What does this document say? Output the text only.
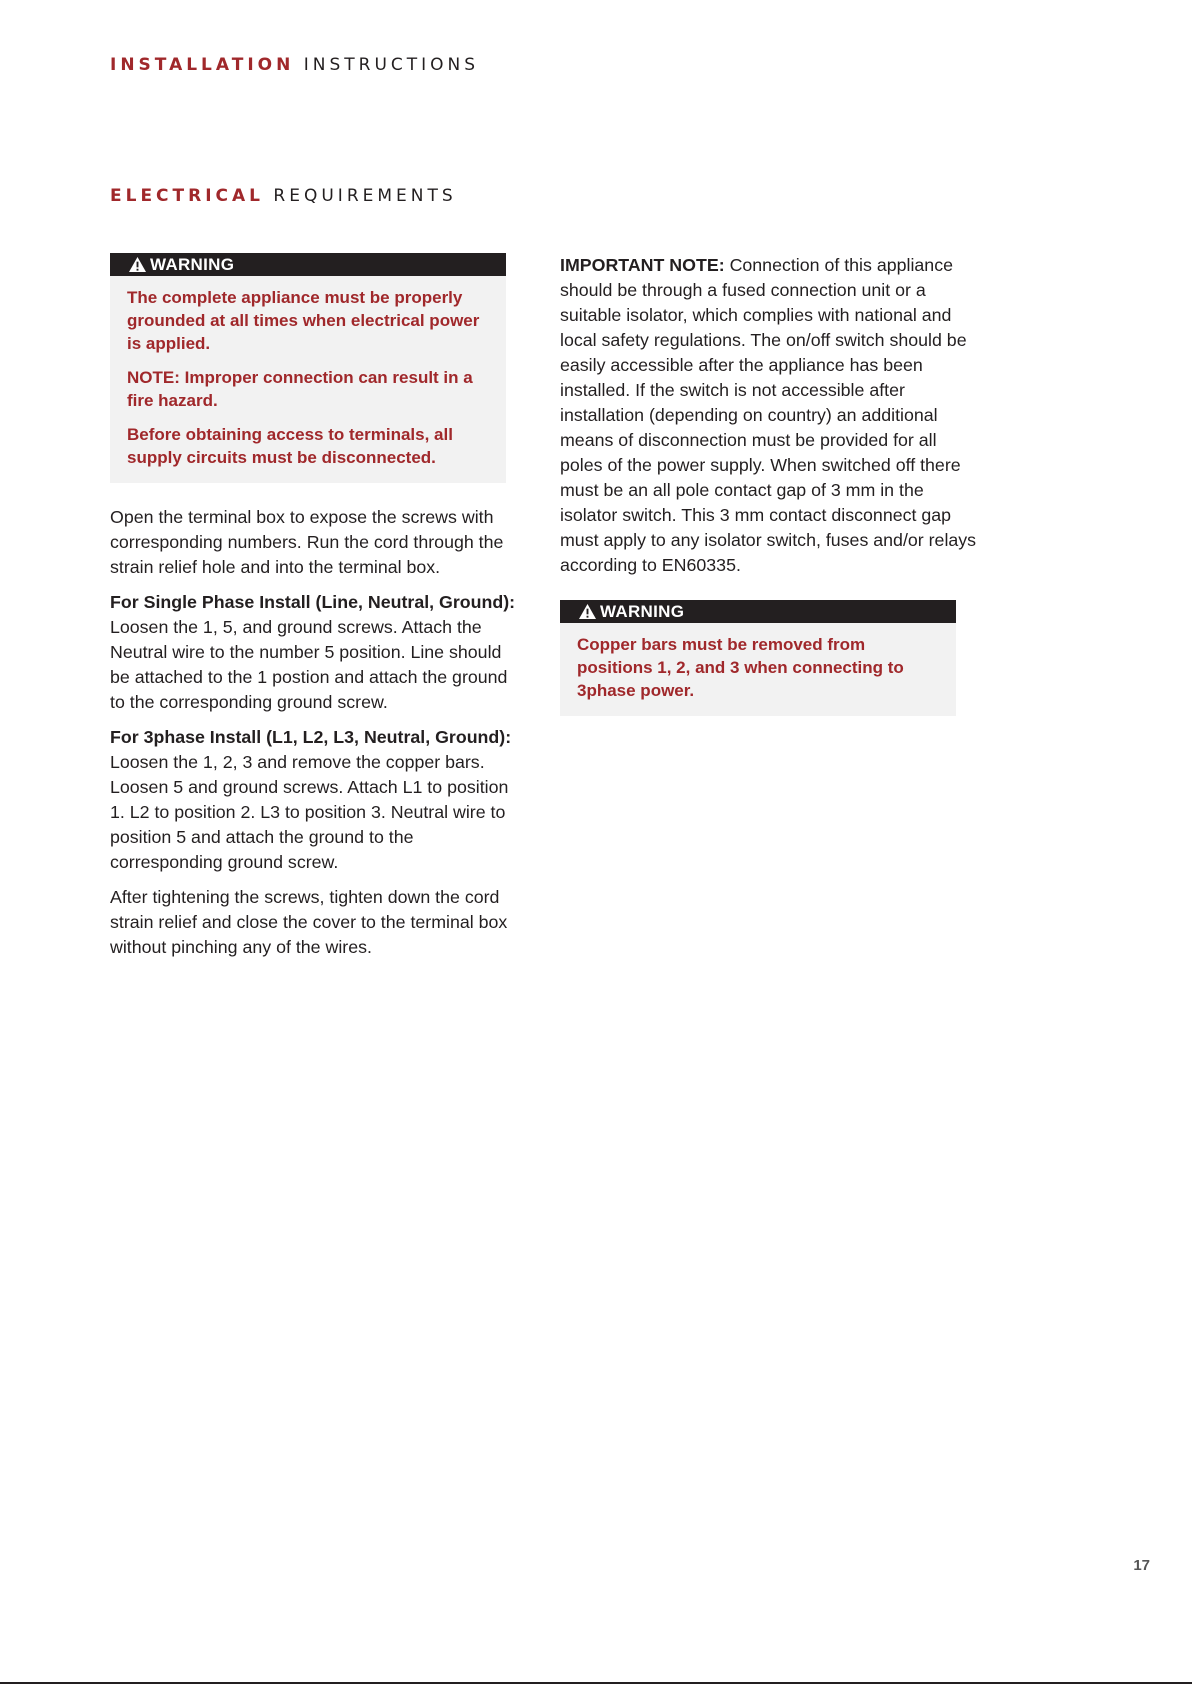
INSTALLATION INSTRUCTIONS
ELECTRICAL REQUIREMENTS
WARNING

The complete appliance must be properly grounded at all times when electrical power is applied.

NOTE: Improper connection can result in a fire hazard.

Before obtaining access to terminals, all supply circuits must be disconnected.

Open the terminal box to expose the screws with corresponding numbers. Run the cord through the strain relief hole and into the terminal box.

For Single Phase Install (Line, Neutral, Ground): Loosen the 1, 5, and ground screws. Attach the Neutral wire to the number 5 position. Line should be attached to the 1 postion and attach the ground to the corresponding ground screw.

For 3phase Install (L1, L2, L3, Neutral, Ground): Loosen the 1, 2, 3 and remove the copper bars. Loosen 5 and ground screws. Attach L1 to position 1. L2 to position 2. L3 to position 3. Neutral wire to position 5 and attach the ground to the corresponding ground screw.

After tightening the screws, tighten down the cord strain relief and close the cover to the terminal box without pinching any of the wires.

IMPORTANT NOTE: Connection of this appliance should be through a fused connection unit or a suitable isolator, which complies with national and local safety regulations. The on/off switch should be easily accessible after the appliance has been installed. If the switch is not accessible after installation (depending on country) an additional means of disconnection must be provided for all poles of the power supply. When switched off there must be an all pole contact gap of 3 mm in the isolator switch. This 3 mm contact disconnect gap must apply to any isolator switch, fuses and/or relays according to EN60335.

WARNING

Copper bars must be removed from positions 1, 2, and 3 when connecting to 3phase power.

17
